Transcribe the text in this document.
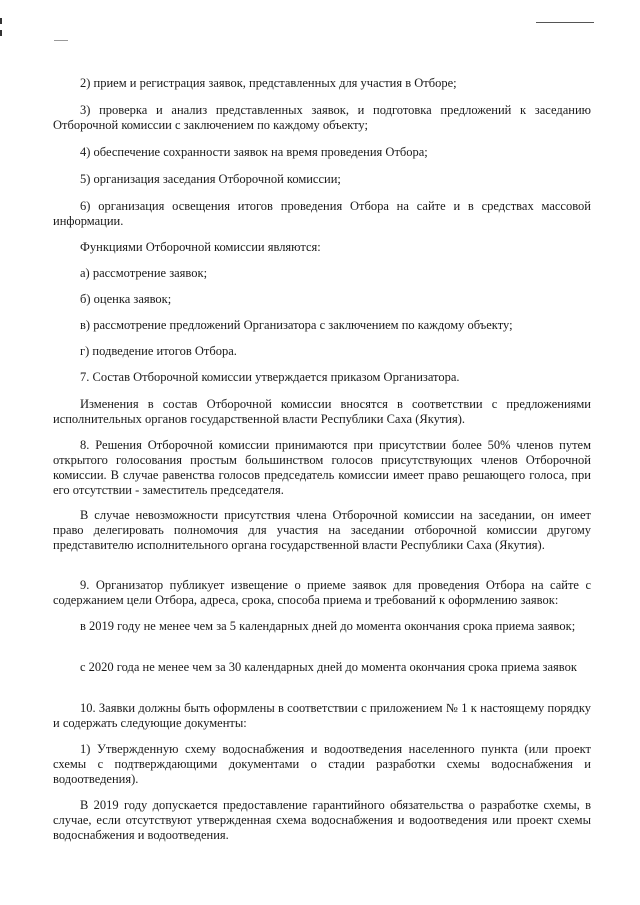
2) прием и регистрация заявок, представленных для участия в Отборе;

3) проверка и анализ представленных заявок, и подготовка предложений к заседанию Отборочной комиссии с заключением по каждому объекту;

4) обеспечение сохранности заявок на время проведения Отбора;

5) организация заседания Отборочной комиссии;

6) организация освещения итогов проведения Отбора на сайте и в средствах массовой информации.

Функциями Отборочной комиссии являются:

а) рассмотрение заявок;

б) оценка заявок;

в) рассмотрение предложений Организатора с заключением по каждому объекту;

г) подведение итогов Отбора.

7. Состав Отборочной комиссии утверждается приказом Организатора.

Изменения в состав Отборочной комиссии вносятся в соответствии с предложениями исполнительных органов государственной власти Республики Саха (Якутия).

8. Решения Отборочной комиссии принимаются при присутствии более 50% членов путем открытого голосования простым большинством голосов присутствующих членов Отборочной комиссии. В случае равенства голосов председатель комиссии имеет право решающего голоса, при его отсутствии - заместитель председателя.

В случае невозможности присутствия члена Отборочной комиссии на заседании, он имеет право делегировать полномочия для участия на заседании отборочной комиссии другому представителю исполнительного органа государственной власти Республики Саха (Якутия).

9. Организатор публикует извещение о приеме заявок для проведения Отбора на сайте с содержанием цели Отбора, адреса, срока, способа приема и требований к оформлению заявок:

в 2019 году не менее чем за 5 календарных дней до момента окончания срока приема заявок;

с 2020 года не менее чем за 30 календарных дней до момента окончания срока приема заявок

10. Заявки должны быть оформлены в соответствии с приложением № 1 к настоящему порядку и содержать следующие документы:

1) Утвержденную схему водоснабжения и водоотведения населенного пункта (или проект схемы с подтверждающими документами о стадии разработки схемы водоснабжения и водоотведения).

В 2019 году допускается предоставление гарантийного обязательства о разработке схемы, в случае, если отсутствуют утвержденная схема водоснабжения и водоотведения или проект схемы водоснабжения и водоотведения.
